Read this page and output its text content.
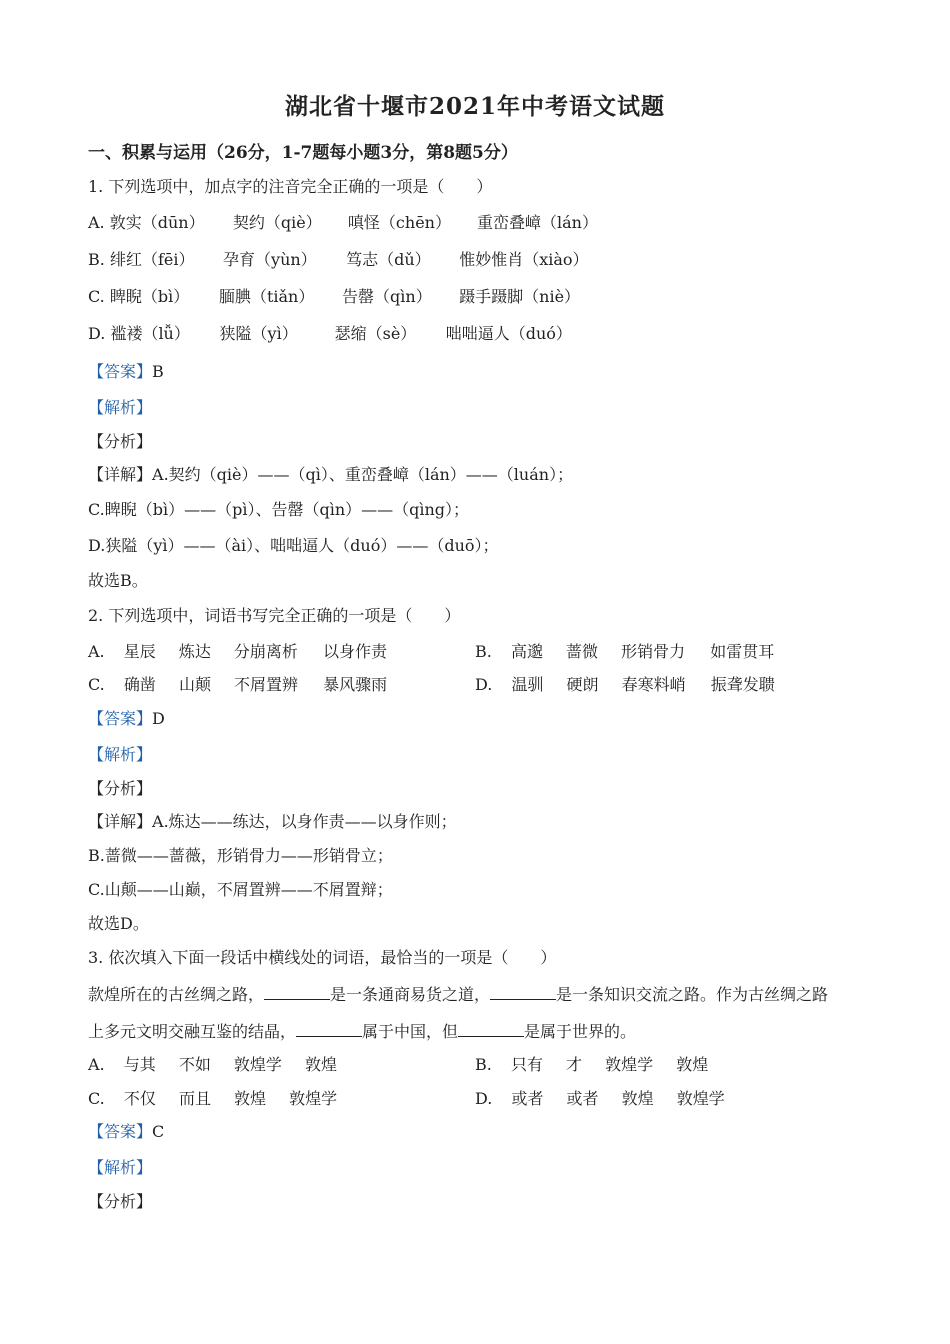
湖北省十堰市2021年中考语文试题
一、积累与运用（26分，1-7题每小题3分，第8题5分）
1. 下列选项中，加点字的注音完全正确的一项是（　　）
A. 敦实（dūn） 契约（qiè） 嗔怪（chēn） 重峦叠嶂（lán）
B. 绯红（fēi） 孕育（yùn） 笃志（dǔ） 惟妙惟肖（xiào）
C. 睥睨（bì） 腼腆（tiǎn） 告罄（qìn） 蹑手蹑脚（niè）
D. 褴褛（lǚ） 狭隘（yì） 瑟缩（sè） 咄咄逼人（duó）
【答案】B
【解析】
【分析】
【详解】A.契约（qiè）——（qì）、重峦叠嶂（lán）——（luán）；
C.睥睨（bì）——（pì）、告罄（qìn）——（qìng）；
D.狭隘（yì）——（ài）、咄咄逼人（duó）——（duō）；
故选B。
2. 下列选项中，词语书写完全正确的一项是（　　）
A. 星辰 炼达 分崩离析 以身作责	B. 高邈 蔷微 形销骨力 如雷贯耳
C. 确凿 山颠 不屑置辨 暴风骤雨	D. 温驯 硬朗 春寒料峭 振聋发聩
【答案】D
【解析】
【分析】
【详解】A.炼达——练达，以身作责——以身作则；
B.蔷微——蔷薇，形销骨力——形销骨立；
C.山颠——山巅，不屑置辨——不屑置辩；
故选D。
3. 依次填入下面一段话中横线处的词语，最恰当的一项是（　　）
款煌所在的古丝绸之路，	是一条通商易货之道，	是一条知识交流之路。作为古丝绸之路
上多元文明交融互鉴的结晶，	属于中国，但	是属于世界的。
A. 与其 不如 敦煌学 敦煌	B. 只有 才 敦煌学 敦煌
C. 不仅 而且 敦煌 敦煌学	D. 或者 或者 敦煌 敦煌学
【答案】C
【解析】
【分析】
